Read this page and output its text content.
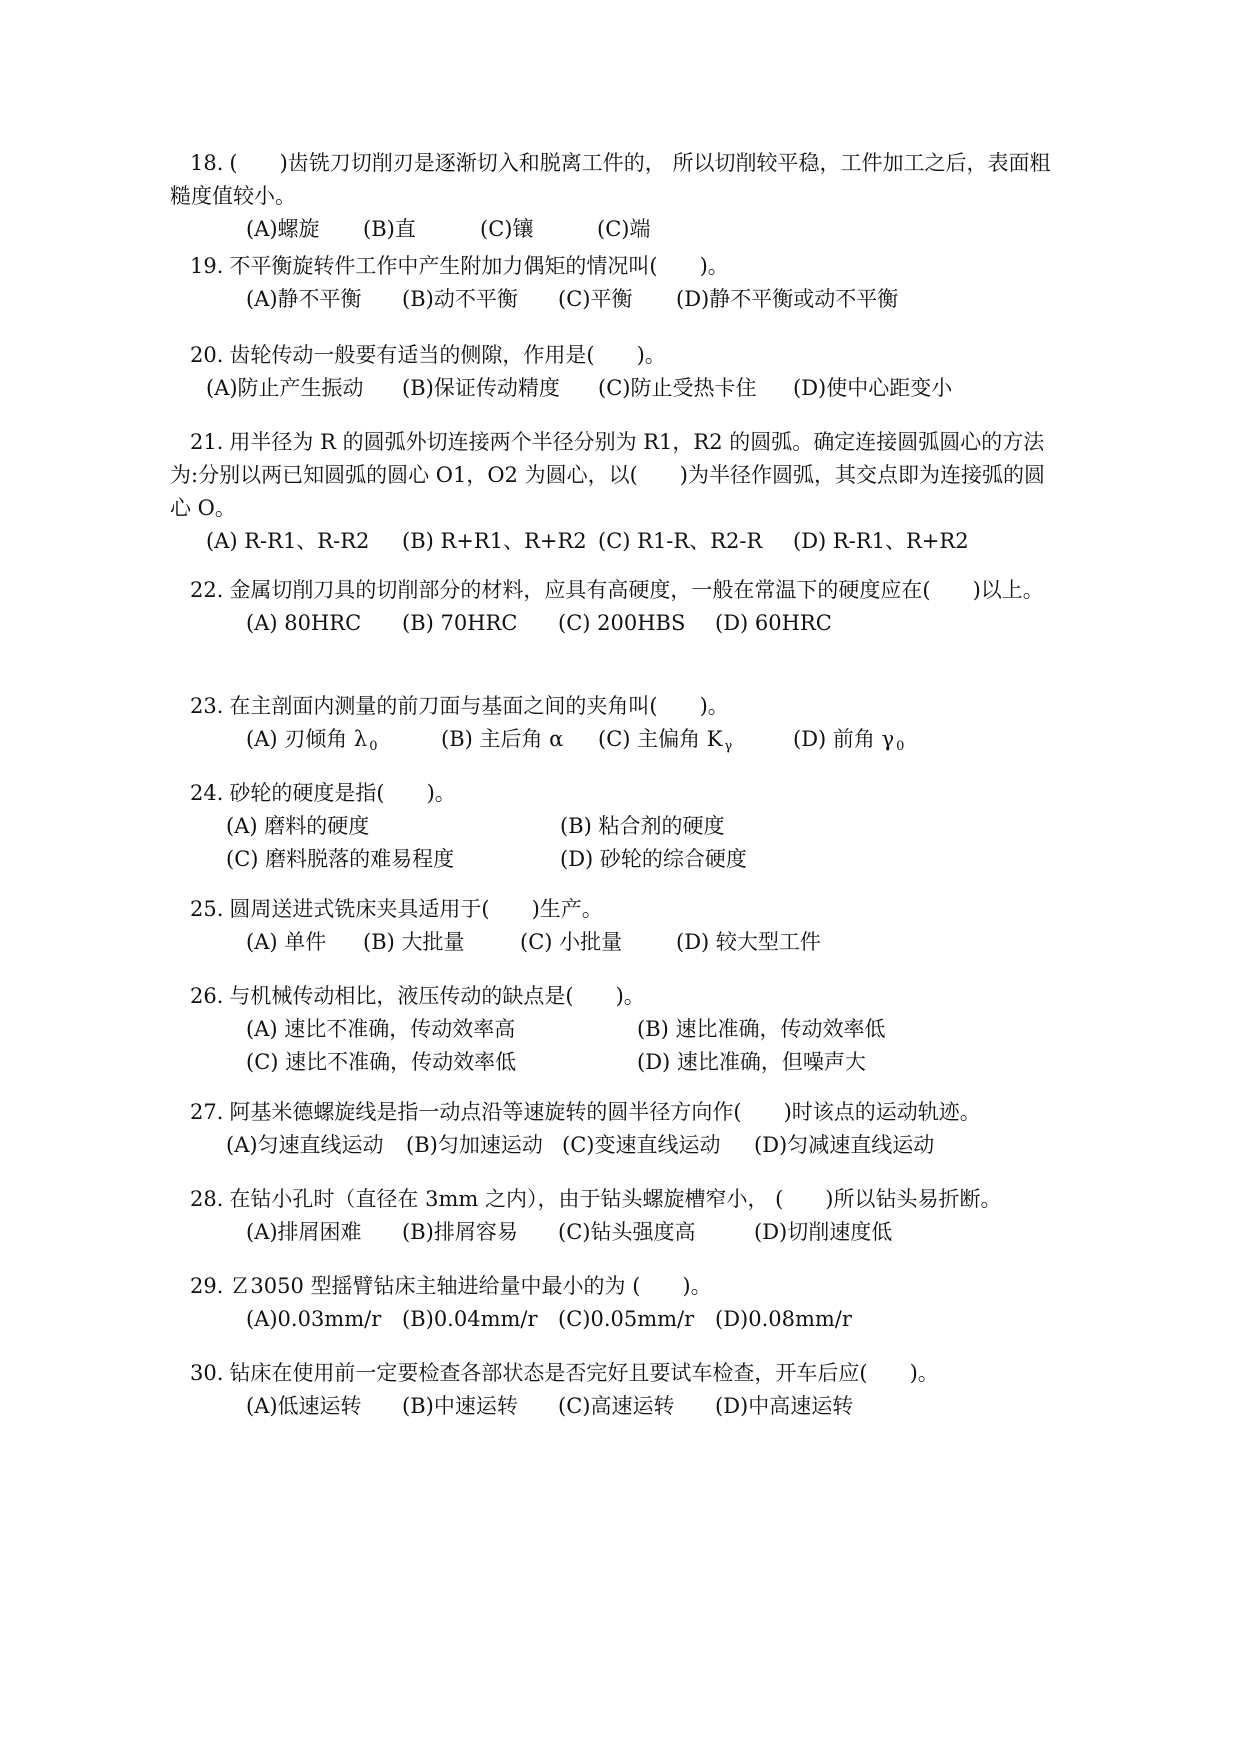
18. (　　)齿铣刀切削刃是逐渐切入和脱离工件的， 所以切削较平稳，工件加工之后，表面粗糙度值较小。

(A)螺旋 (B)直	(C)镶	(C)端

19. 不平衡旋转件工作中产生附加力偶矩的情况叫(　　)。

(A)静不平衡 (B)动不平衡 (C)平衡 (D)静不平衡或动不平衡

20. 齿轮传动一般要有适当的侧隙，作用是(　　)。

(A)防止产生振动 (B)保证传动精度 (C)防止受热卡住 (D)使中心距变小

21. 用半径为 R 的圆弧外切连接两个半径分别为 R1，R2 的圆弧。确定连接圆弧圆心的方法为:分别以两已知圆弧的圆心 O1，O2 为圆心，以(　　)为半径作圆弧，其交点即为连接弧的圆心 O。

(A) R-R1、R-R2 (B) R+R1、R+R2 (C) R1-R、R2-R (D) R-R1、R+R2

22. 金属切削刀具的切削部分的材料，应具有高硬度，一般在常温下的硬度应在(　　)以上。

(A) 80HRC (B) 70HRC (C) 200HBS (D) 60HRC

23. 在主剖面内测量的前刀面与基面之间的夹角叫(　　)。

(A) 刃倾角 λ $_0$	(B) 主后角 α (C) 主偏角 K $_\gamma$	(D) 前角 γ $_0$

24. 砂轮的硬度是指(　　)。

(A) 磨料的硬度	(B) 粘合剂的硬度
(C) 磨料脱落的难易程度	(D) 砂轮的综合硬度

25. 圆周送进式铣床夹具适用于(　　)生产。

(A) 单件 (B) 大批量	(C) 小批量	(D) 较大型工件

26. 与机械传动相比，液压传动的缺点是(　　)。

(A) 速比不准确，传动效率高	(B) 速比准确，传动效率低
(C) 速比不准确，传动效率低	(D) 速比准确，但噪声大

27. 阿基米德螺旋线是指一动点沿等速旋转的圆半径方向作(　　)时该点的运动轨迹。

(A)匀速直线运动 (B)匀加速运动 (C)变速直线运动 (D)匀减速直线运动

28. 在钻小孔时（直径在 3mm 之内），由于钻头螺旋槽窄小， (　　)所以钻头易折断。

(A)排屑困难 (B)排屑容易 (C)钻头强度高	(D)切削速度低

29. Ｚ3050 型摇臂钻床主轴进给量中最小的为 (　　)。

(A)0.03mm/r (B)0.04mm/r (C)0.05mm/r (D)0.08mm/r

30. 钻床在使用前一定要检查各部状态是否完好且要试车检查，开车后应(　　)。

(A)低速运转 (B)中速运转 (C)高速运转 (D)中高速运转
